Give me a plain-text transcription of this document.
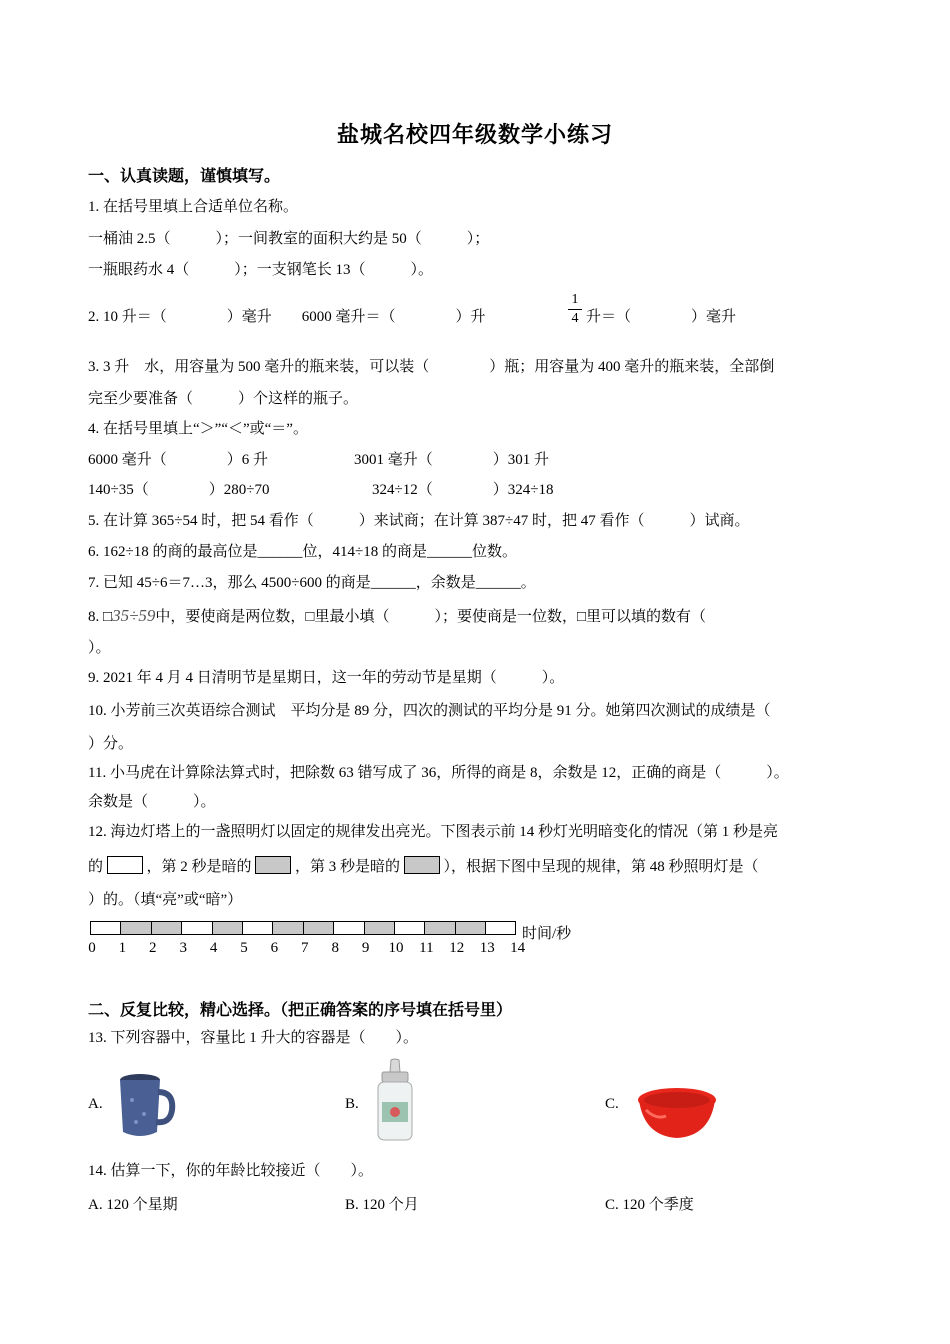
盐城名校四年级数学小练习
一、认真读题，谨慎填写。
1. 在括号里填上合适单位名称。
一桶油 2.5（　　　）；一间教室的面积大约是 50（　　　）；
一瓶眼药水 4（　　　）；一支钢笔长 13（　　　）。
2. 10 升＝（　　　　）毫升　　6000 毫升＝（　　　　）升
1
4 升＝（　　　　）毫升
3. 3 升　水，用容量为 500 毫升的瓶来装，可以装（　　　　）瓶；用容量为 400 毫升的瓶来装，全部倒
完至少要准备（　　　）个这样的瓶子。
4. 在括号里填上“＞”“＜”或“＝”。
6000 毫升（　　　　）6 升	3001 毫升（　　　　）301 升
140÷35（　　　　）280÷70	324÷12（　　　　）324÷18
5. 在计算 365÷54 时，把 54 看作（　　　）来试商；在计算 387÷47 时，把 47 看作（　　　）试商。
6. 162÷18 的商的最高位是______位，414÷18 的商是______位数。
7. 已知 45÷6＝7…3，那么 4500÷600 的商是______，余数是______。
8. □35÷59中，要使商是两位数，□里最小填（　　　）；要使商是一位数，□里可以填的数有（
）。
9. 2021 年 4 月 4 日清明节是星期日，这一年的劳动节是星期（　　　）。
10. 小芳前三次英语综合测试　平均分是 89 分，四次的测试的平均分是 91 分。她第四次测试的成绩是（
）分。
11. 小马虎在计算除法算式时，把除数 63 错写成了 36，所得的商是 8，余数是 12，正确的商是（　　　）。
余数是（　　　）。
12. 海边灯塔上的一盏照明灯以固定的规律发出亮光。下图表示前 14 秒灯光明暗变化的情况（第 1 秒是亮
的	，第 2 秒是暗的	，第 3 秒是暗的	），根据下图中呈现的规律，第 48 秒照明灯是（
）的。（填“亮”或“暗”）
0	1	2	3	4	5	6	7	8	9	10 11 12 13 14
时间/秒
二、反复比较，精心选择。（把正确答案的序号填在括号里）
13. 下列容器中，容量比 1 升大的容器是（　　）。
A.	B.	C.
14. 估算一下，你的年龄比较接近（　　）。
A. 120 个星期	B. 120 个月	C. 120 个季度
